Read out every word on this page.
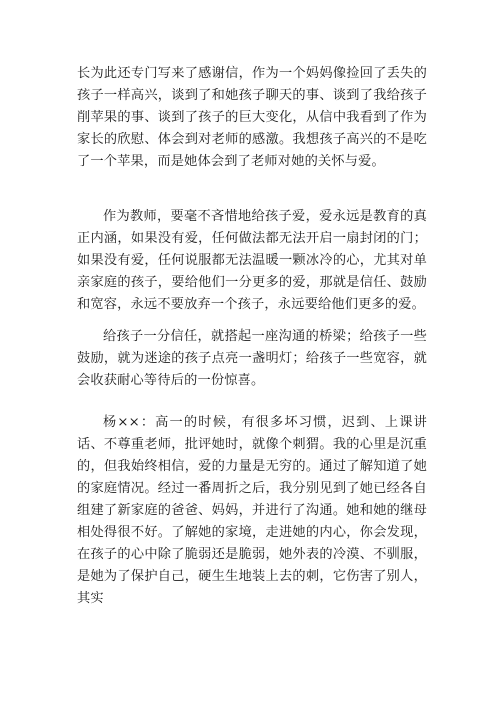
长为此还专门写来了感谢信，作为一个妈妈像捡回了丢失的孩子一样高兴，谈到了和她孩子聊天的事、谈到了我给孩子削苹果的事、谈到了孩子的巨大变化，从信中我看到了作为家长的欣慰、体会到对老师的感激。我想孩子高兴的不是吃了一个苹果，而是她体会到了老师对她的关怀与爱。

作为教师，要毫不吝惜地给孩子爱，爱永远是教育的真正内涵，如果没有爱，任何做法都无法开启一扇封闭的门；如果没有爱，任何说服都无法温暖一颗冰冷的心，尤其对单亲家庭的孩子，要给他们一分更多的爱，那就是信任、鼓励和宽容，永远不要放弃一个孩子，永远要给他们更多的爱。

给孩子一分信任，就搭起一座沟通的桥梁；给孩子一些鼓励，就为迷途的孩子点亮一盏明灯；给孩子一些宽容，就会收获耐心等待后的一份惊喜。

杨××：高一的时候，有很多坏习惯，迟到、上课讲话、不尊重老师，批评她时，就像个刺猬。我的心里是沉重的，但我始终相信，爱的力量是无穷的。通过了解知道了她的家庭情况。经过一番周折之后，我分别见到了她已经各自组建了新家庭的爸爸、妈妈，并进行了沟通。她和她的继母相处得很不好。了解她的家境，走进她的内心，你会发现，在孩子的心中除了脆弱还是脆弱，她外表的冷漠、不驯服，是她为了保护自己，硬生生地装上去的刺，它伤害了别人，其实
